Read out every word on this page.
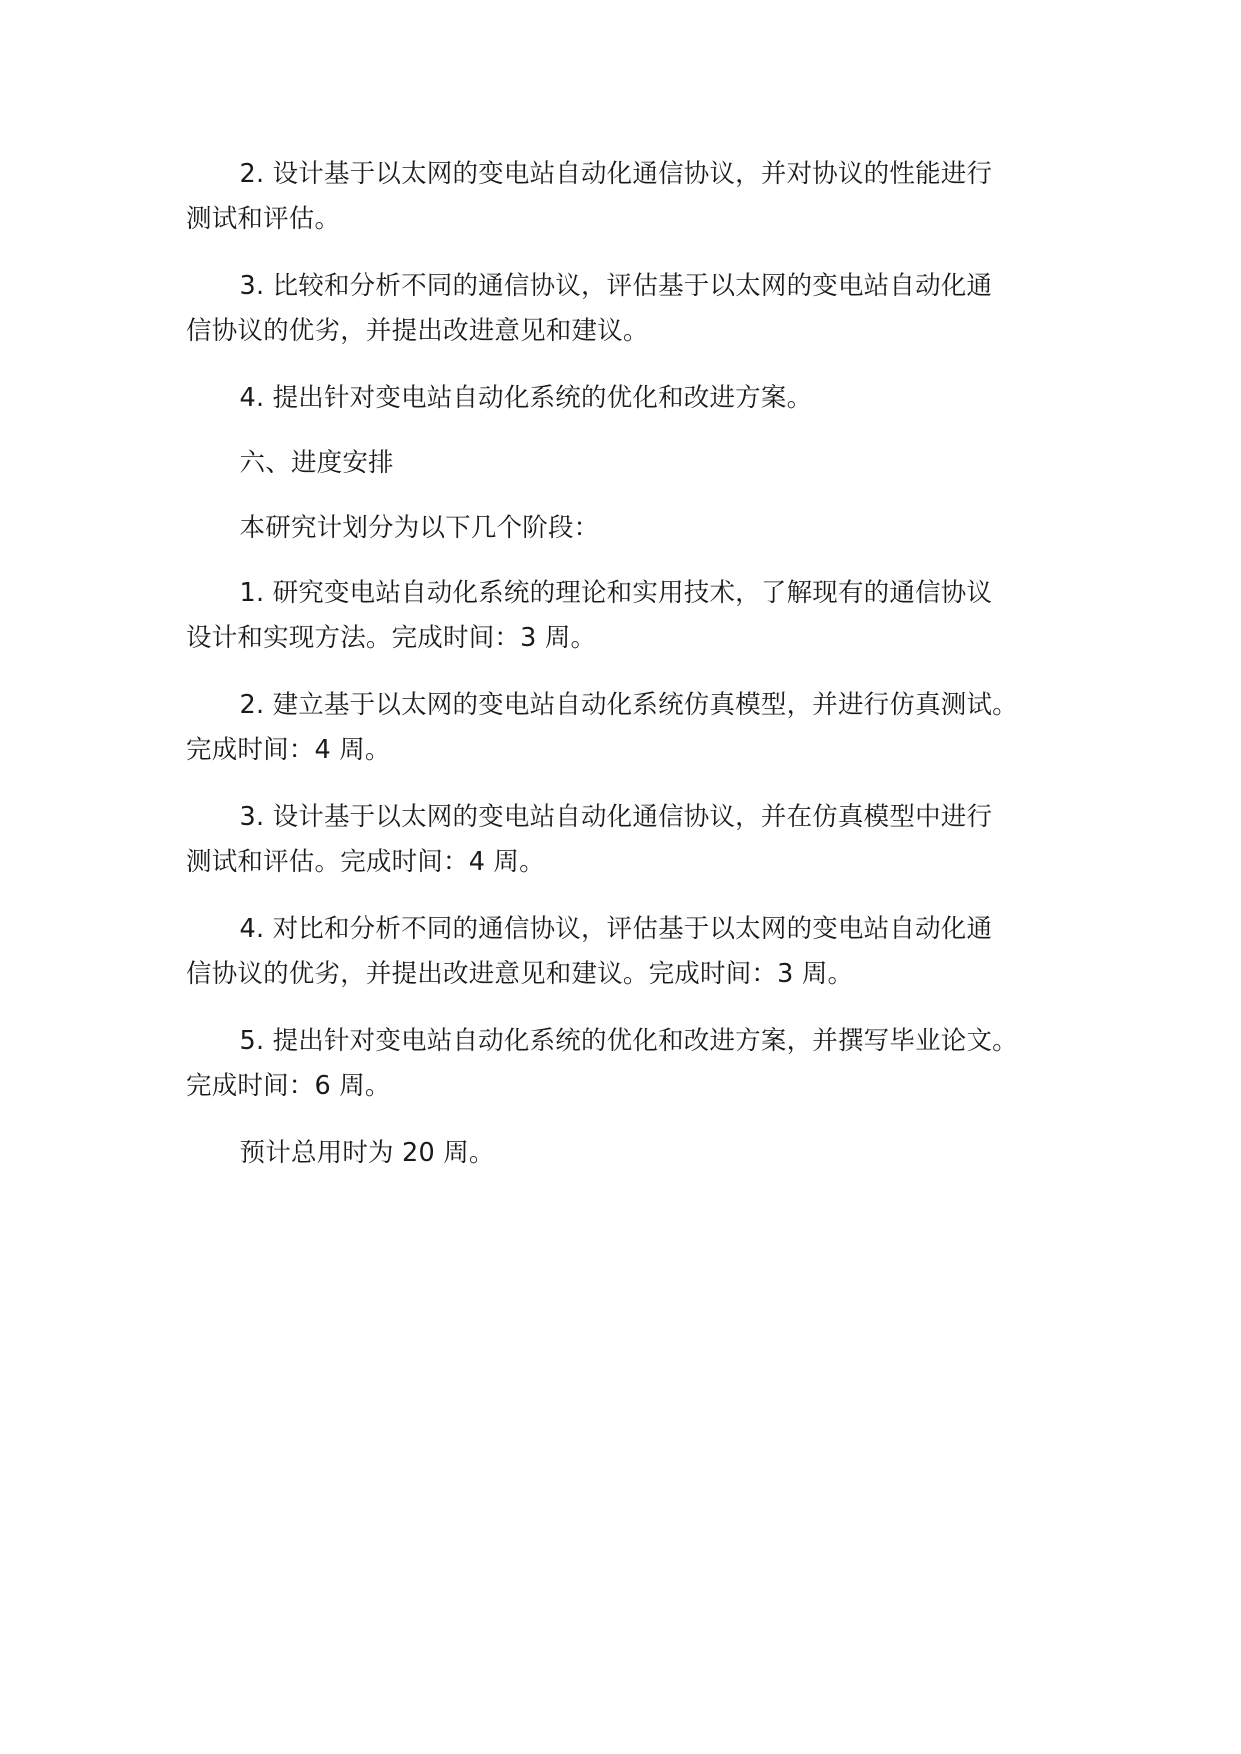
2. 设计基于以太网的变电站自动化通信协议，并对协议的性能进行
测试和评估。

3. 比较和分析不同的通信协议，评估基于以太网的变电站自动化通
信协议的优劣，并提出改进意见和建议。

4. 提出针对变电站自动化系统的优化和改进方案。

六、进度安排

本研究计划分为以下几个阶段：

1. 研究变电站自动化系统的理论和实用技术，了解现有的通信协议
设计和实现方法。完成时间：3 周。

2. 建立基于以太网的变电站自动化系统仿真模型，并进行仿真测试。
完成时间：4 周。

3. 设计基于以太网的变电站自动化通信协议，并在仿真模型中进行
测试和评估。完成时间：4 周。

4. 对比和分析不同的通信协议，评估基于以太网的变电站自动化通
信协议的优劣，并提出改进意见和建议。完成时间：3 周。

5. 提出针对变电站自动化系统的优化和改进方案，并撰写毕业论文。
完成时间：6 周。

预计总用时为 20 周。
